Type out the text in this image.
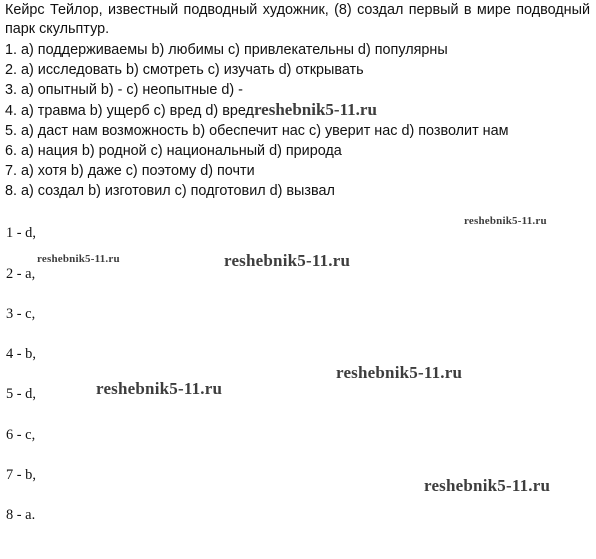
Кейрс Тейлор, известный подводный художник, (8) создал первый в мире подводный парк скульптур.
1. a) поддерживаемы b) любимы c) привлекательны d) популярны
2. a) исследовать b) смотреть c) изучать d) открывать
3. a) опытный b) - c) неопытные d) -
4. a) травма b) ущерб c) вред d) вредreshebnik5-11.ru
5. a) даст нам возможность b) обеспечит нас c) уверит нас d) позволит нам
6. a) нация b) родной c) национальный d) природа
7. a) хотя b) даже c) поэтому d) почти
8. a) создал b) изготовил c) подготовил d) вызвал
1 - d,
2 - a,
3 - c,
4 - b,
5 - d,
6 - c,
7 - b,
8 - a.
reshebnik5-11.ru
reshebnik5-11.ru	reshebnik5-11.ru
reshebnik5-11.ru
reshebnik5-11.ru
reshebnik5-11.ru
